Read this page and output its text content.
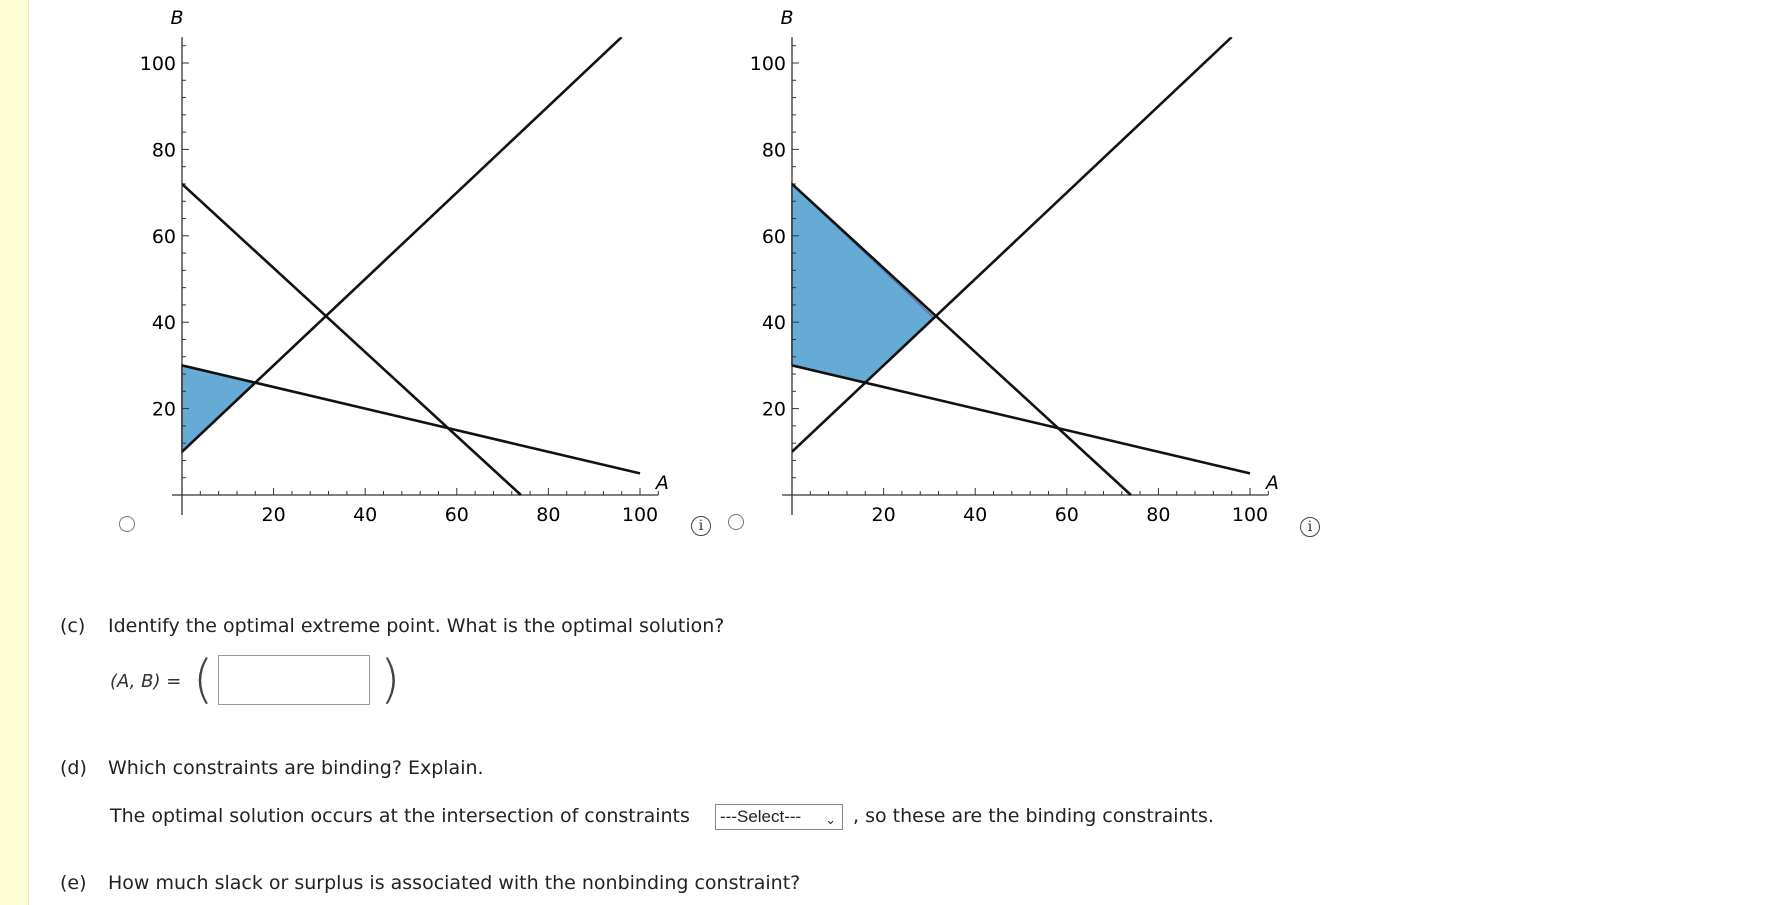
20	40	60	80	100
20
40
60
80
100
B
A
i	20	40	60	80	100
20
40
60
80
100
B
A
i
(c) Identify the optimal extreme point. What is the optimal solution?
(A, B) = (	)
(d) Which constraints are binding? Explain.
The optimal solution occurs at the intersection of constraints ---Select--- ⌄ , so these are the binding constraints.
(e) How much slack or surplus is associated with the nonbinding constraint?
